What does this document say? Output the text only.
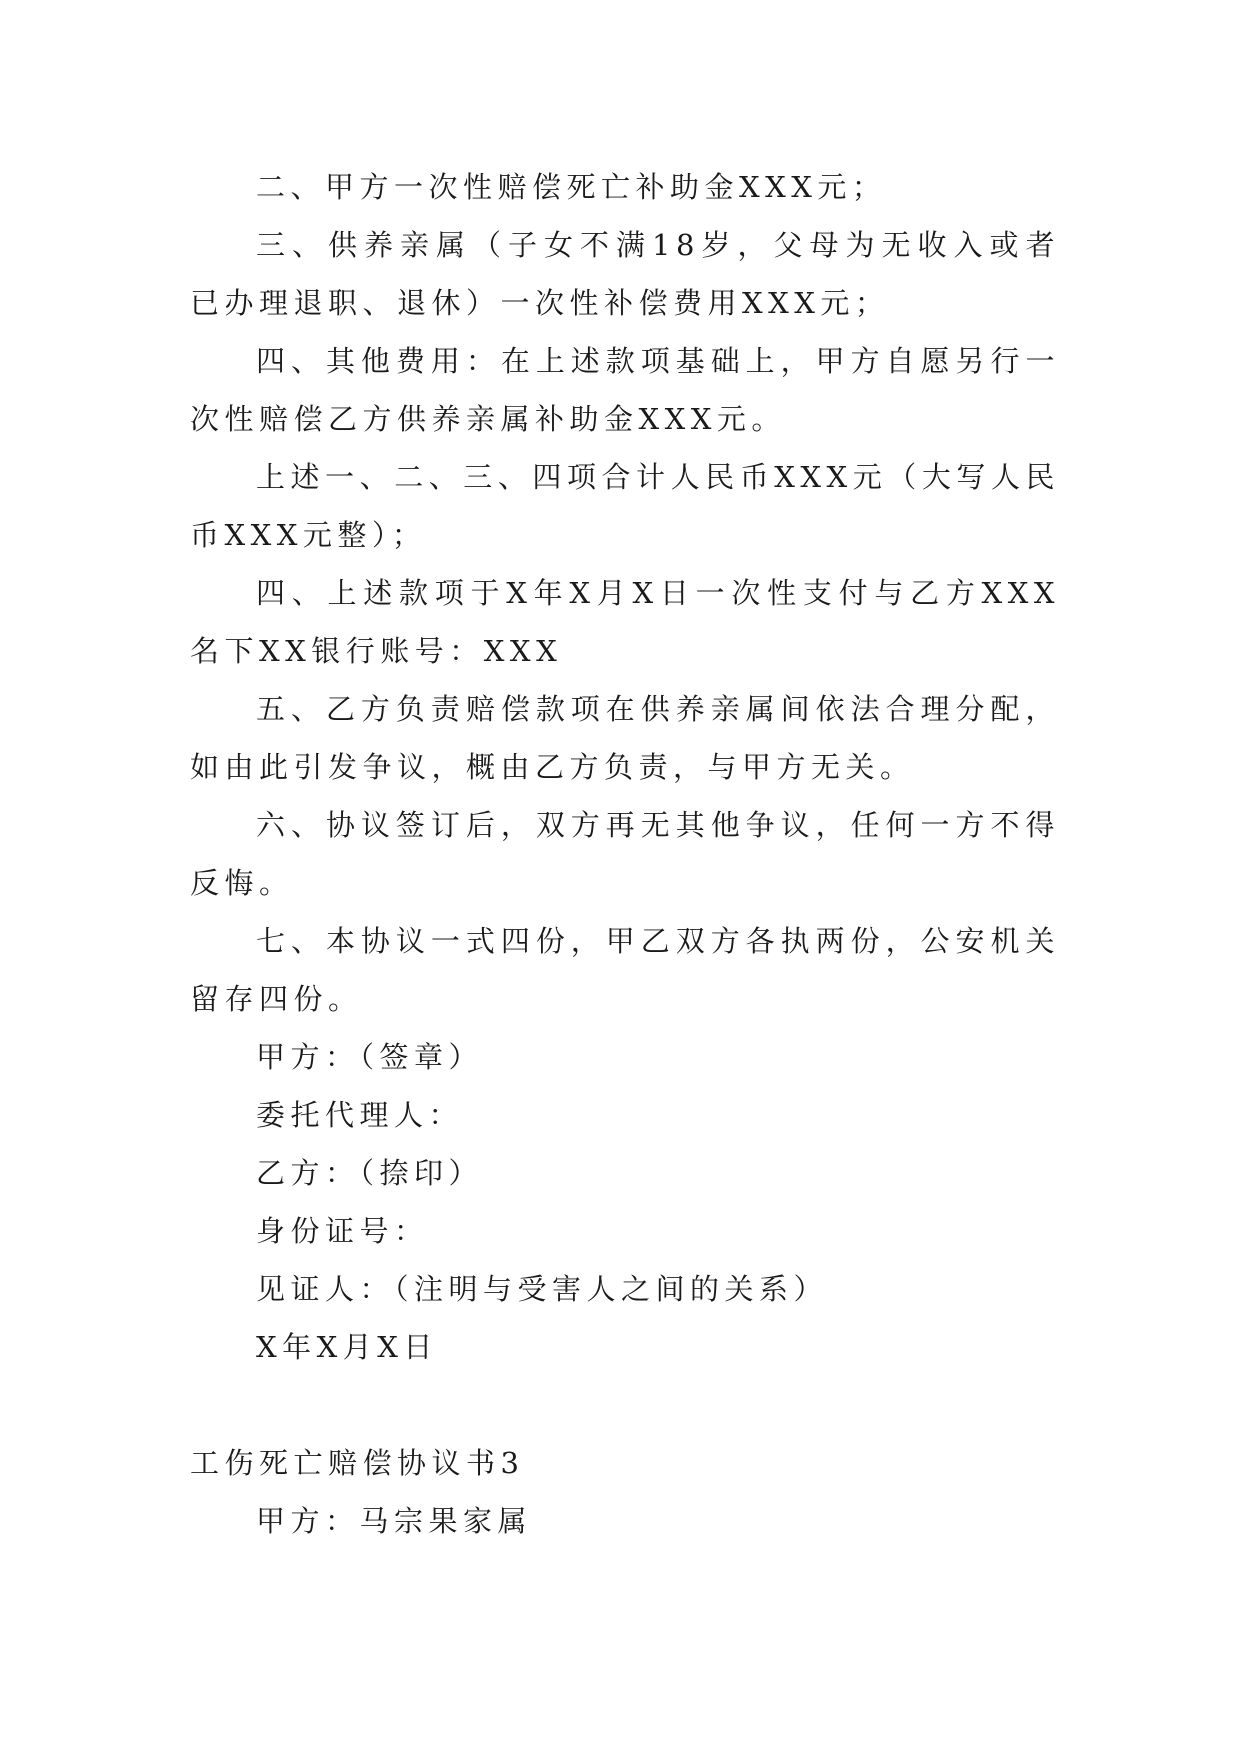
二、甲方一次性赔偿死亡补助金XXX元；

三、供养亲属（子女不满18岁，父母为无收入或者已办理退职、退休）一次性补偿费用XXX元；

四、其他费用：在上述款项基础上，甲方自愿另行一次性赔偿乙方供养亲属补助金XXX元。

上述一、二、三、四项合计人民币XXX元（大写人民币XXX元整）；

四、上述款项于X年X月X日一次性支付与乙方XXX名下XX银行账号：XXX

五、乙方负责赔偿款项在供养亲属间依法合理分配，如由此引发争议，概由乙方负责，与甲方无关。

六、协议签订后，双方再无其他争议，任何一方不得反悔。

七、本协议一式四份，甲乙双方各执两份，公安机关留存四份。

甲方：（签章）

委托代理人：

乙方：（捺印）

身份证号：

见证人：（注明与受害人之间的关系）

X年X月X日

工伤死亡赔偿协议书3

甲方：马宗果家属
